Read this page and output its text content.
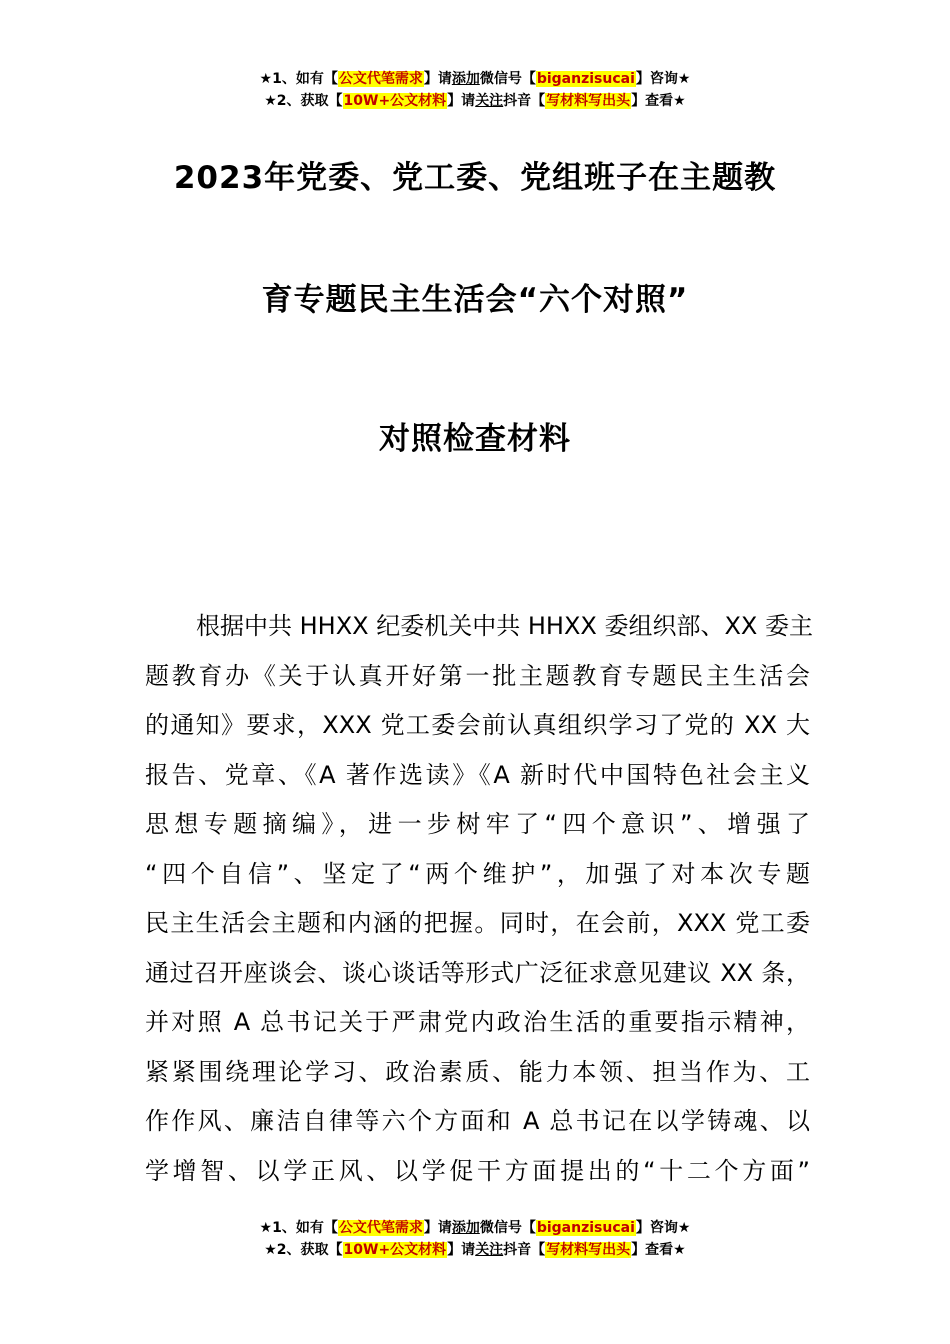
★1、如有【公文代笔需求】请添加微信号【biganzisucai】咨询★
★2、获取【10W+公文材料】请关注抖音【写材料写出头】查看★
2023年党委、党工委、党组班子在主题教
育专题民主生活会“六个对照”
对照检查材料
根据中共 HHXX 纪委机关中共 HHXX 委组织部、XX 委主
题教育办《关于认真开好第一批主题教育专题民主生活会
的通知》要求，XXX 党工委会前认真组织学习了党的 XX 大
报告、党章、《A 著作选读》《A 新时代中国特色社会主义
思想专题摘编》，进一步树牢了“四个意识”、增强了
“四个自信”、坚定了“两个维护”，加强了对本次专题
民主生活会主题和内涵的把握。同时，在会前，XXX 党工委
通过召开座谈会、谈心谈话等形式广泛征求意见建议 XX 条，
并对照 A 总书记关于严肃党内政治生活的重要指示精神，
紧紧围绕理论学习、政治素质、能力本领、担当作为、工
作作风、廉洁自律等六个方面和 A 总书记在以学铸魂、以
学增智、以学正风、以学促干方面提出的“十二个方面”
★1、如有【公文代笔需求】请添加微信号【biganzisucai】咨询★
★2、获取【10W+公文材料】请关注抖音【写材料写出头】查看★
